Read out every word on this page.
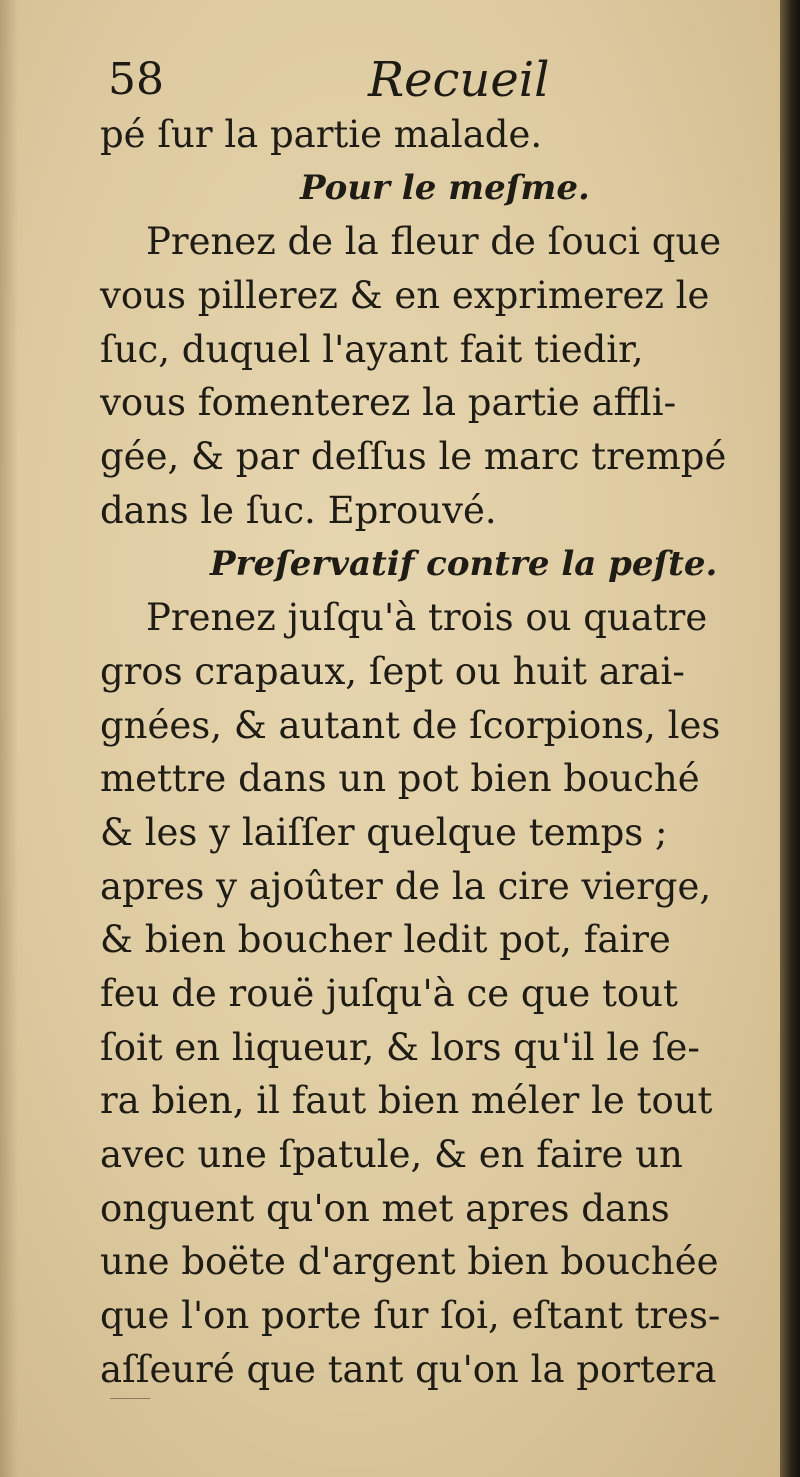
58	Recueil
pé ſur la partie malade.
Pour le meſme.
Prenez de la fleur de ſouci que
vous pillerez & en exprimerez le
ſuc, duquel l'ayant fait tiedir,
vous fomenterez la partie affli-
gée, & par deſſus le marc trempé
dans le ſuc. Eprouvé.
Preſervatif contre la peſte.
Prenez juſqu'à trois ou quatre
gros crapaux, ſept ou huit arai-
gnées, & autant de ſcorpions, les
mettre dans un pot bien bouché
& les y laiſſer quelque temps ;
apres y ajoûter de la cire vierge,
& bien boucher ledit pot, faire
feu de rouë juſqu'à ce que tout
ſoit en liqueur, & lors qu'il le ſe-
ra bien, il faut bien méler le tout
avec une ſpatule, & en faire un
onguent qu'on met apres dans
une boëte d'argent bien bouchée
que l'on porte ſur ſoi, eſtant tres-
aſſeuré que tant qu'on la portera
